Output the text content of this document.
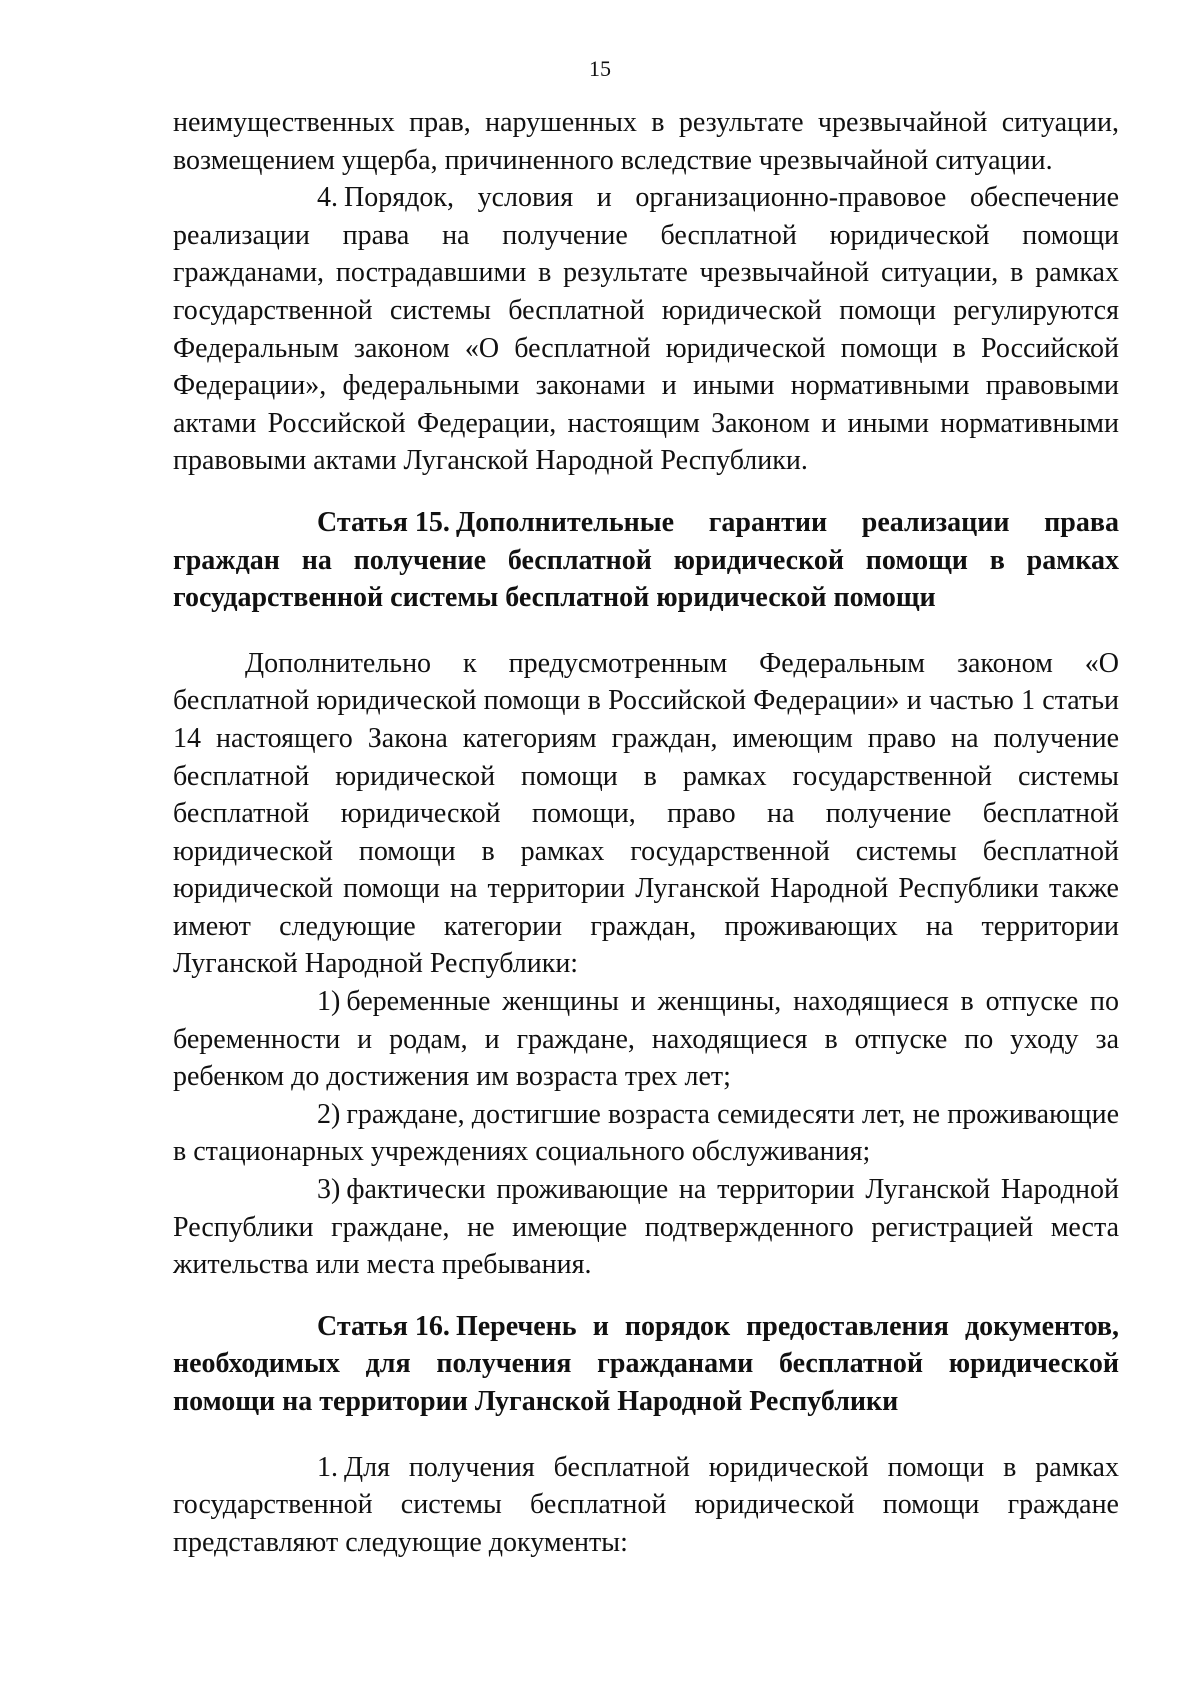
15

неимущественных прав, нарушенных в результате чрезвычайной ситуации, возмещением ущерба, причиненного вследствие чрезвычайной ситуации.

4. Порядок, условия и организационно-правовое обеспечение реализации права на получение бесплатной юридической помощи гражданами, пострадавшими в результате чрезвычайной ситуации, в рамках государственной системы бесплатной юридической помощи регулируются Федеральным законом «О бесплатной юридической помощи в Российской Федерации», федеральными законами и иными нормативными правовыми актами Российской Федерации, настоящим Законом и иными нормативными правовыми актами Луганской Народной Республики.

Статья 15. Дополнительные гарантии реализации права граждан на получение бесплатной юридической помощи в рамках государственной системы бесплатной юридической помощи

Дополнительно к предусмотренным Федеральным законом «О бесплатной юридической помощи в Российской Федерации» и частью 1 статьи 14 настоящего Закона категориям граждан, имеющим право на получение бесплатной юридической помощи в рамках государственной системы бесплатной юридической помощи, право на получение бесплатной юридической помощи в рамках государственной системы бесплатной юридической помощи на территории Луганской Народной Республики также имеют следующие категории граждан, проживающих на территории Луганской Народной Республики:

1) беременные женщины и женщины, находящиеся в отпуске по беременности и родам, и граждане, находящиеся в отпуске по уходу за ребенком до достижения им возраста трех лет;

2) граждане, достигшие возраста семидесяти лет, не проживающие в стационарных учреждениях социального обслуживания;

3) фактически проживающие на территории Луганской Народной Республики граждане, не имеющие подтвержденного регистрацией места жительства или места пребывания.

Статья 16. Перечень и порядок предоставления документов, необходимых для получения гражданами бесплатной юридической помощи на территории Луганской Народной Республики

1. Для получения бесплатной юридической помощи в рамках государственной системы бесплатной юридической помощи граждане представляют следующие документы:
